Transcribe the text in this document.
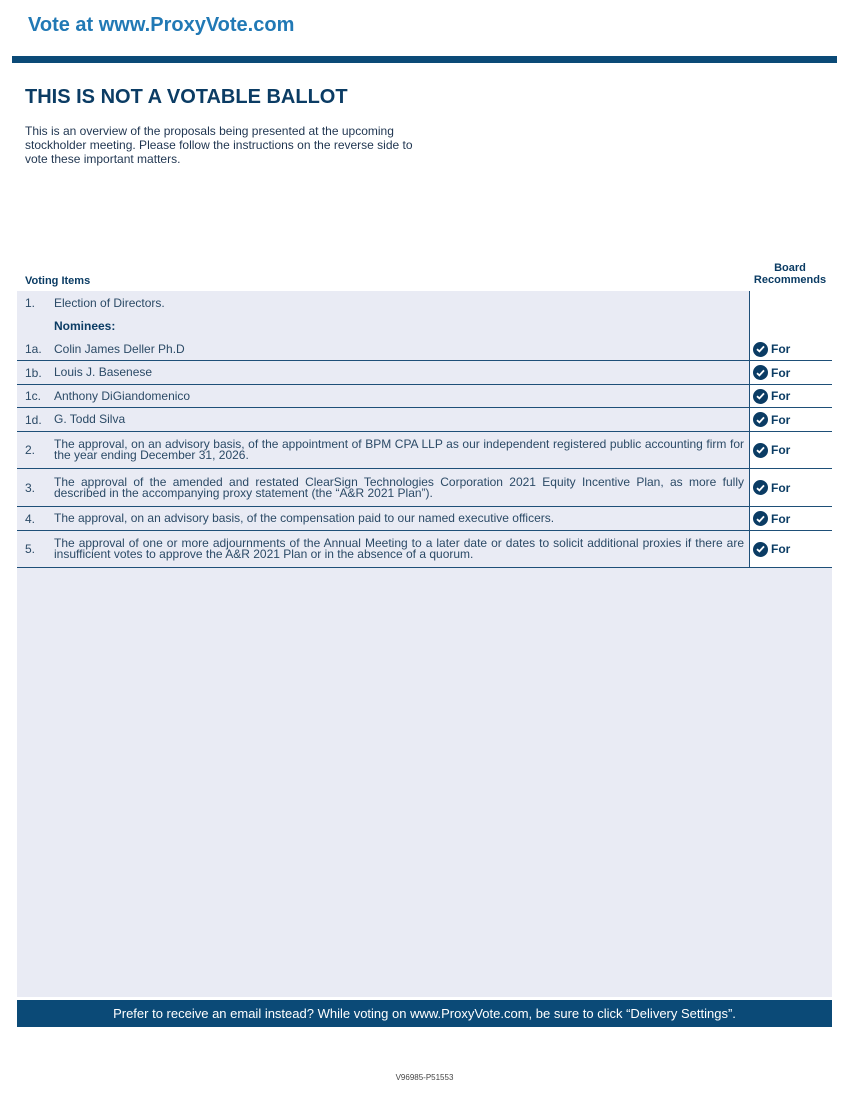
Vote at www.ProxyVote.com
THIS IS NOT A VOTABLE BALLOT
This is an overview of the proposals being presented at the upcoming stockholder meeting. Please follow the instructions on the reverse side to vote these important matters.
Voting Items
Board
Recommends
1.	Election of Directors.
Nominees:
1a.	Colin James Deller Ph.D	For
1b.	Louis J. Basenese	For
1c.	Anthony DiGiandomenico	For
1d.	G. Todd Silva	For
2.	The approval, on an advisory basis, of the appointment of BPM CPA LLP as our independent registered public accounting firm for the year ending December 31, 2026.	For
3.	The approval of the amended and restated ClearSign Technologies Corporation 2021 Equity Incentive Plan, as more fully described in the accompanying proxy statement (the “A&R 2021 Plan”).	For
4.	The approval, on an advisory basis, of the compensation paid to our named executive officers.	For
5.	The approval of one or more adjournments of the Annual Meeting to a later date or dates to solicit additional proxies if there are insufficient votes to approve the A&R 2021 Plan or in the absence of a quorum.	For
Prefer to receive an email instead? While voting on www.ProxyVote.com, be sure to click “Delivery Settings”.
V96985-P51553
